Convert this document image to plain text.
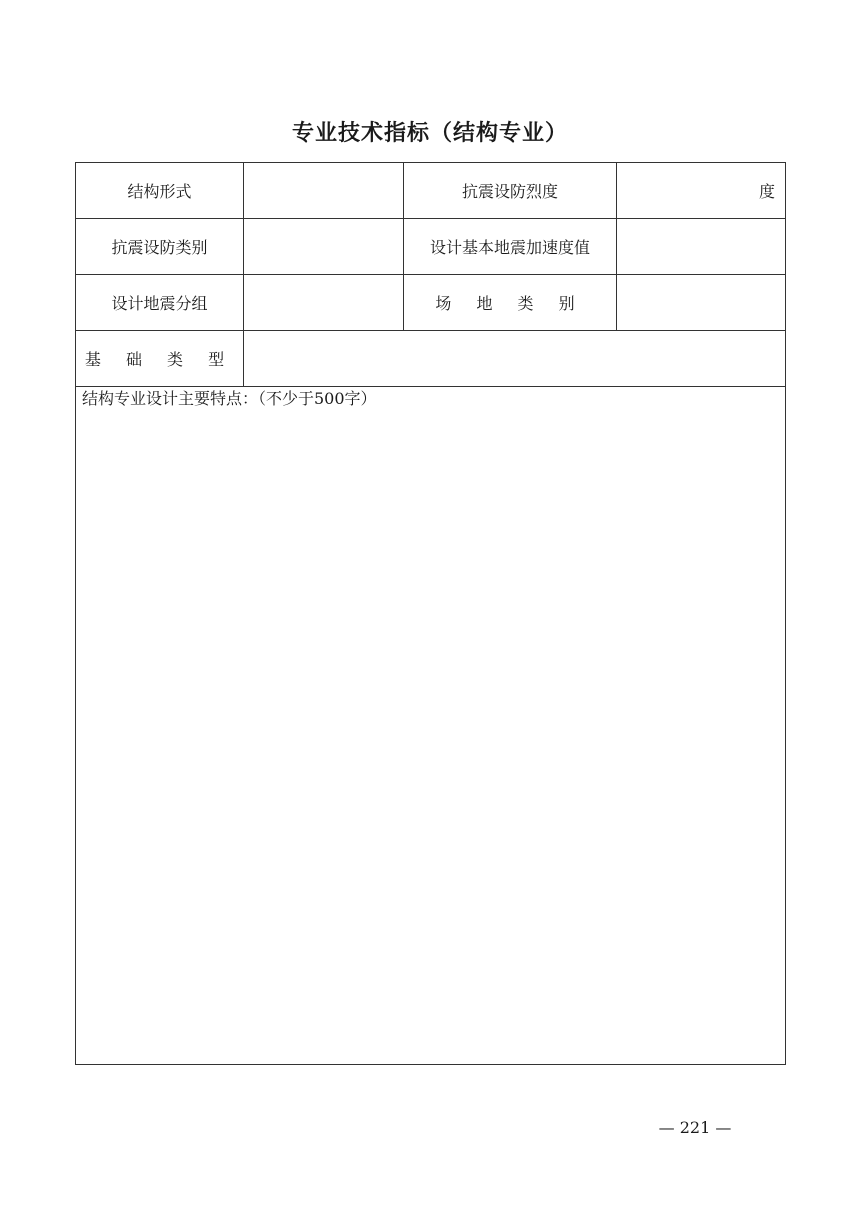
专业技术指标（结构专业）
结构形式		抗震设防烈度	度
抗震设防类别		设计基本地震加速度值	
设计地震分组		场 地 类 别	
基 础 类 型			

结构专业设计主要特点：（不少于500字）			
— 221 —
